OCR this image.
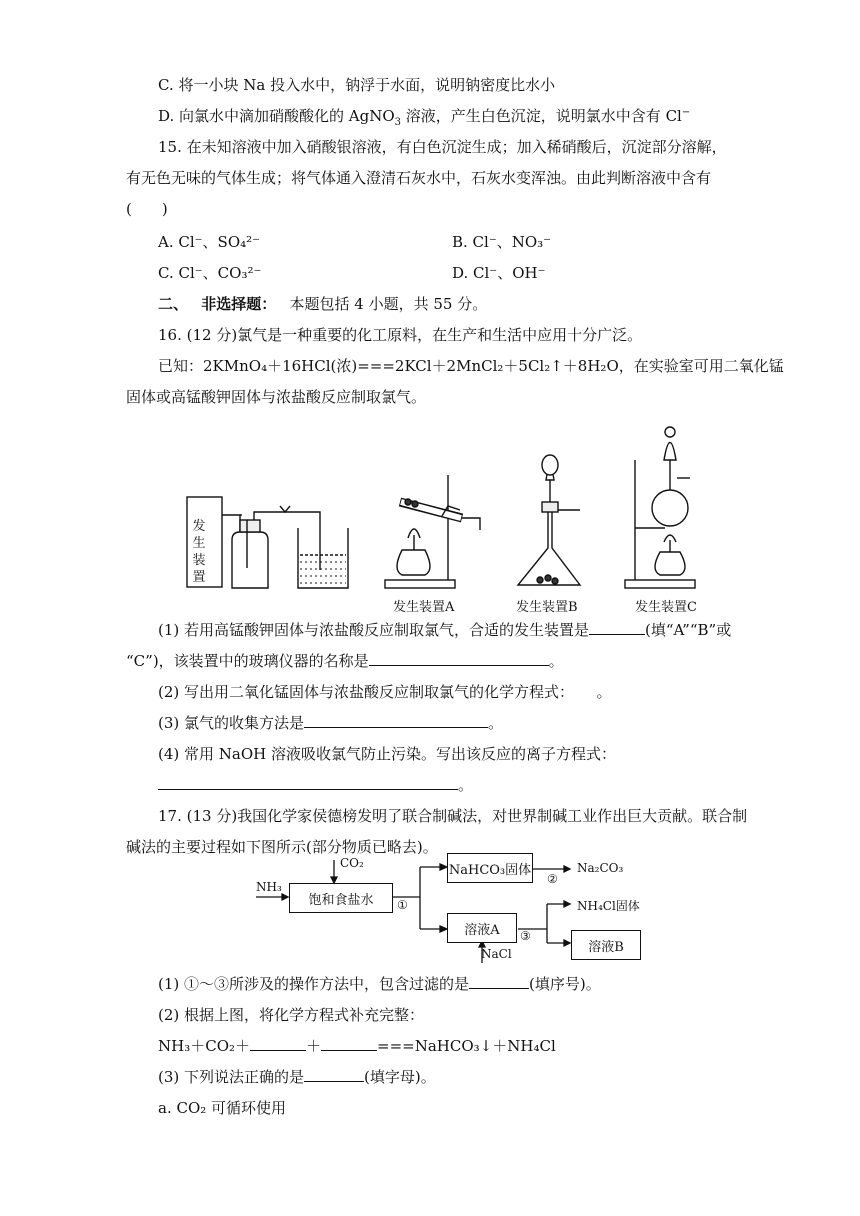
C. 将一小块 Na 投入水中，钠浮于水面，说明钠密度比水小
D. 向氯水中滴加硝酸酸化的 AgNO$_3$ 溶液，产生白色沉淀，说明氯水中含有 Cl−
15. 在未知溶液中加入硝酸银溶液，有白色沉淀生成；加入稀硝酸后，沉淀部分溶解，
有无色无味的气体生成；将气体通入澄清石灰水中，石灰水变浑浊。由此判断溶液中含有
(　　)
A. Cl⁻、SO₄²⁻	B. Cl⁻、NO₃⁻
C. Cl⁻、CO₃²⁻	D. Cl⁻、OH⁻
二、 非选择题： 本题包括 4 小题，共 55 分。
16. (12 分)氯气是一种重要的化工原料，在生产和生活中应用十分广泛。
已知：2KMnO₄＋16HCl(浓)===2KCl＋2MnCl₂＋5Cl₂↑＋8H₂O，在实验室可用二氧化锰
固体或高锰酸钾固体与浓盐酸反应制取氯气。
发
生
装
置
发生装置A	发生装置B	发生装置C
(1) 若用高锰酸钾固体与浓盐酸反应制取氯气，合适的发生装置是	(填“A”“B”或
“C”)，该装置中的玻璃仪器的名称是	。
(2) 写出用二氧化锰固体与浓盐酸反应制取氯气的化学方程式：　　。
(3) 氯气的收集方法是	。
(4) 常用 NaOH 溶液吸收氯气防止污染。写出该反应的离子方程式：
。
17. (13 分)我国化学家侯德榜发明了联合制碱法，对世界制碱工业作出巨大贡献。联合制
碱法的主要过程如下图所示(部分物质已略去)。
饱和食盐水
NaHCO₃固体
溶液A
溶液B
CO₂
NH₃
①
②
Na₂CO₃
NaCl
③
NH₄Cl固体
(1) ①～③所涉及的操作方法中，包含过滤的是	(填序号)。
(2) 根据上图，将化学方程式补充完整：
NH₃＋CO₂＋	＋	===NaHCO₃↓＋NH₄Cl
(3) 下列说法正确的是	(填字母)。
a. CO₂ 可循环使用
